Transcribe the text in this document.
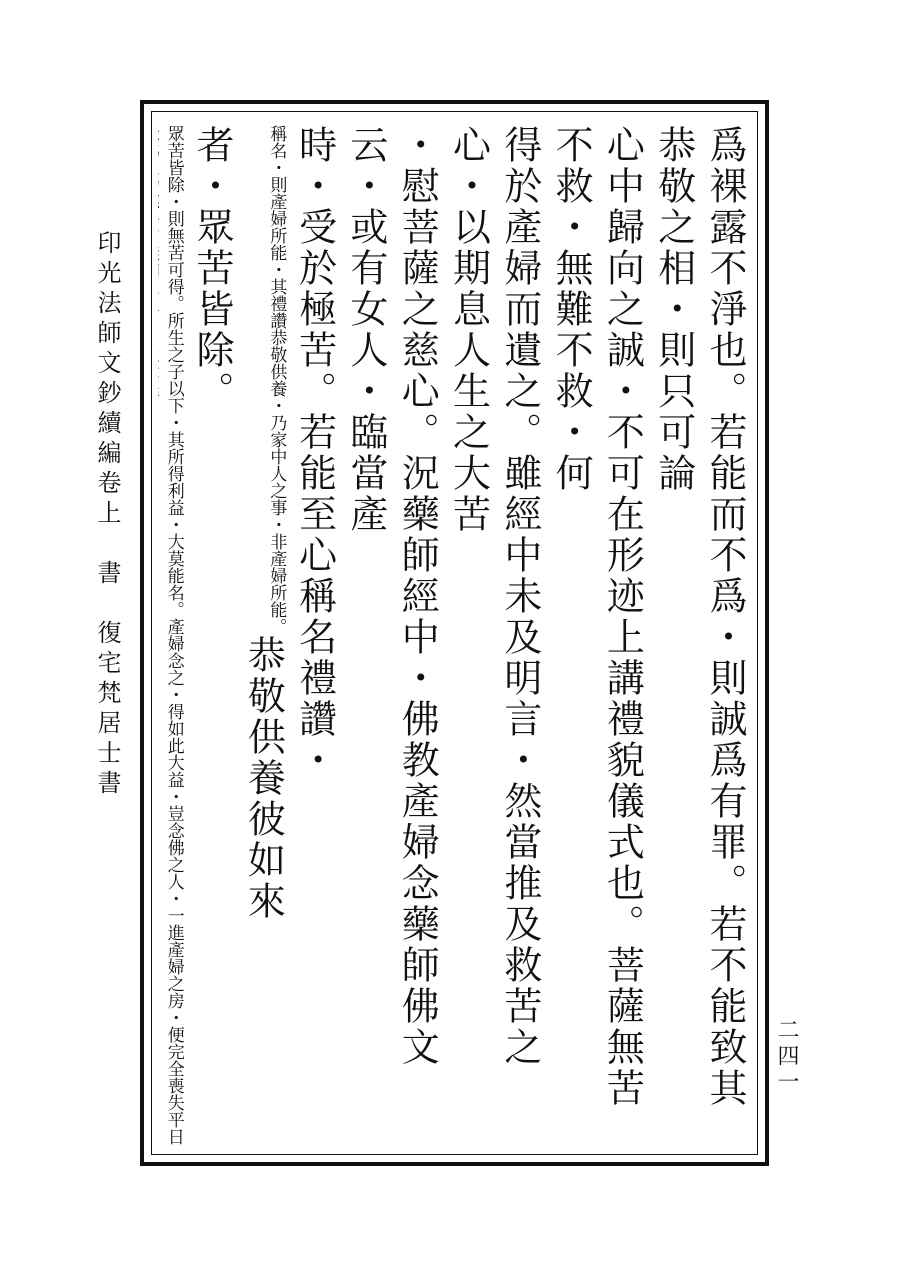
印光法師文鈔續編卷上　書　復宅梵居士書	爲裸露不淨也。若能而不爲・則誠爲有罪。若不能致其恭敬之相・則只可論
心中歸向之誠・不可在形迹上講禮貌儀式也。菩薩無苦不救・無難不救・何
得於產婦而遺之。雖經中未及明言・然當推及救苦之心・以期息人生之大苦
・慰菩薩之慈心。況藥師經中・佛教產婦念藥師佛文云・或有女人・臨當產
時・受於極苦。若能至心稱名禮讚・稱名・則產婦所能・其禮讚恭敬供養・乃家中人之事・非產婦所能。恭敬供養彼如來
者・眾苦皆除。眾苦皆除・則無苦可得。所生之子以下・其所得利益・大莫能名。產婦念之・得如此大益・豈念佛之人・一進產婦之房・便完全喪失平日
二四一
